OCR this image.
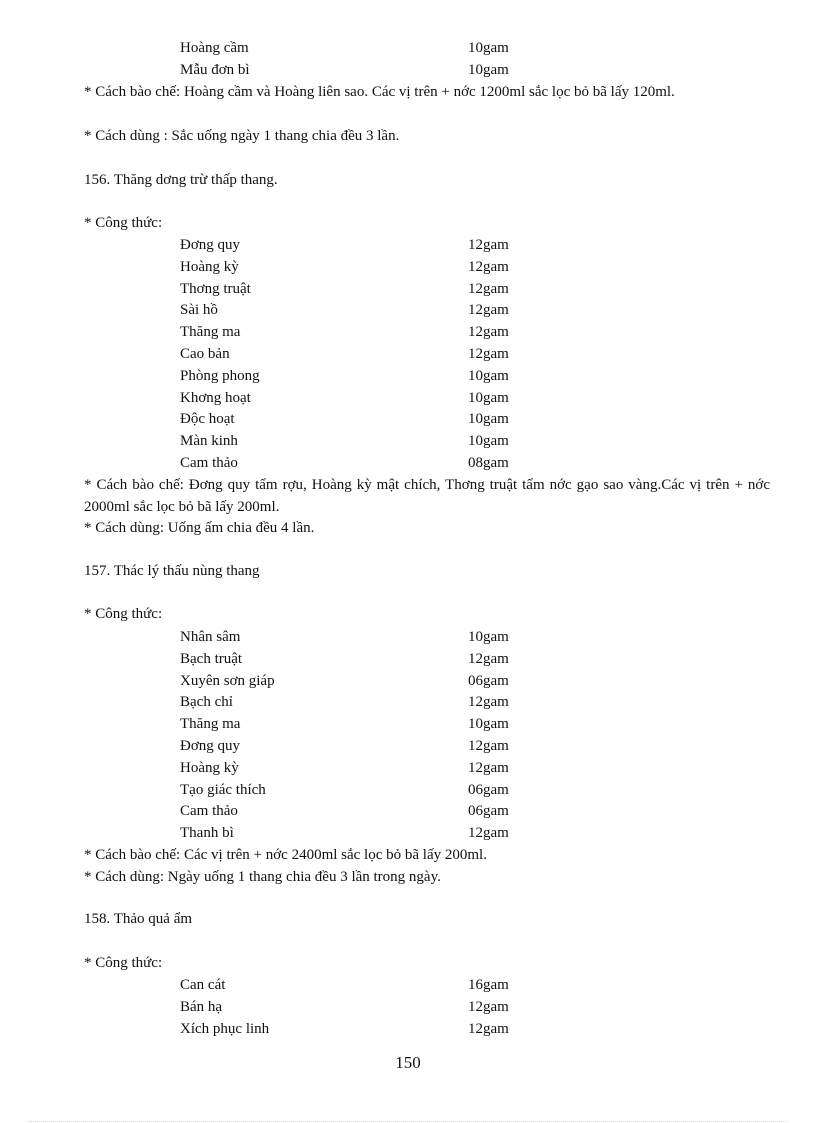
Hoàng cầm	10gam
Mẫu đơn bì	10gam
* Cách bào chế: Hoàng cầm và Hoàng liên sao. Các vị trên + nớc 1200ml sắc lọc bỏ bã lấy 120ml.
* Cách dùng : Sắc uống ngày 1 thang chia đều 3 lần.
156. Thăng dơng trừ thấp thang.
* Công thức:
Đơng quy	12gam
Hoàng kỳ	12gam
Thơng truật	12gam
Sài hồ	12gam
Thăng ma	12gam
Cao bản	12gam
Phòng phong	10gam
Khơng hoạt	10gam
Độc hoạt	10gam
Màn kinh	10gam
Cam thảo	08gam
* Cách bào chế: Đơng quy tẩm rợu, Hoàng kỳ mật chích, Thơng truật tẩm nớc gạo sao vàng.Các vị trên + nớc 2000ml sắc lọc bỏ bã lấy 200ml.
* Cách dùng: Uống ấm chia đều 4 lần.
157. Thác lý thấu nùng thang
* Công thức:
Nhân sâm	10gam
Bạch truật	12gam
Xuyên sơn giáp	06gam
Bạch chỉ	12gam
Thăng ma	10gam
Đơng quy	12gam
Hoàng kỳ	12gam
Tạo giác thích	06gam
Cam thảo	06gam
Thanh bì	12gam
* Cách bào chế: Các vị trên + nớc 2400ml sắc lọc bỏ bã lấy 200ml.
* Cách dùng: Ngày uống 1 thang chia đều 3 lần trong ngày.
158. Thảo quả ẩm
* Công thức:
Can cát	16gam
Bán hạ	12gam
Xích phục linh	12gam
150
